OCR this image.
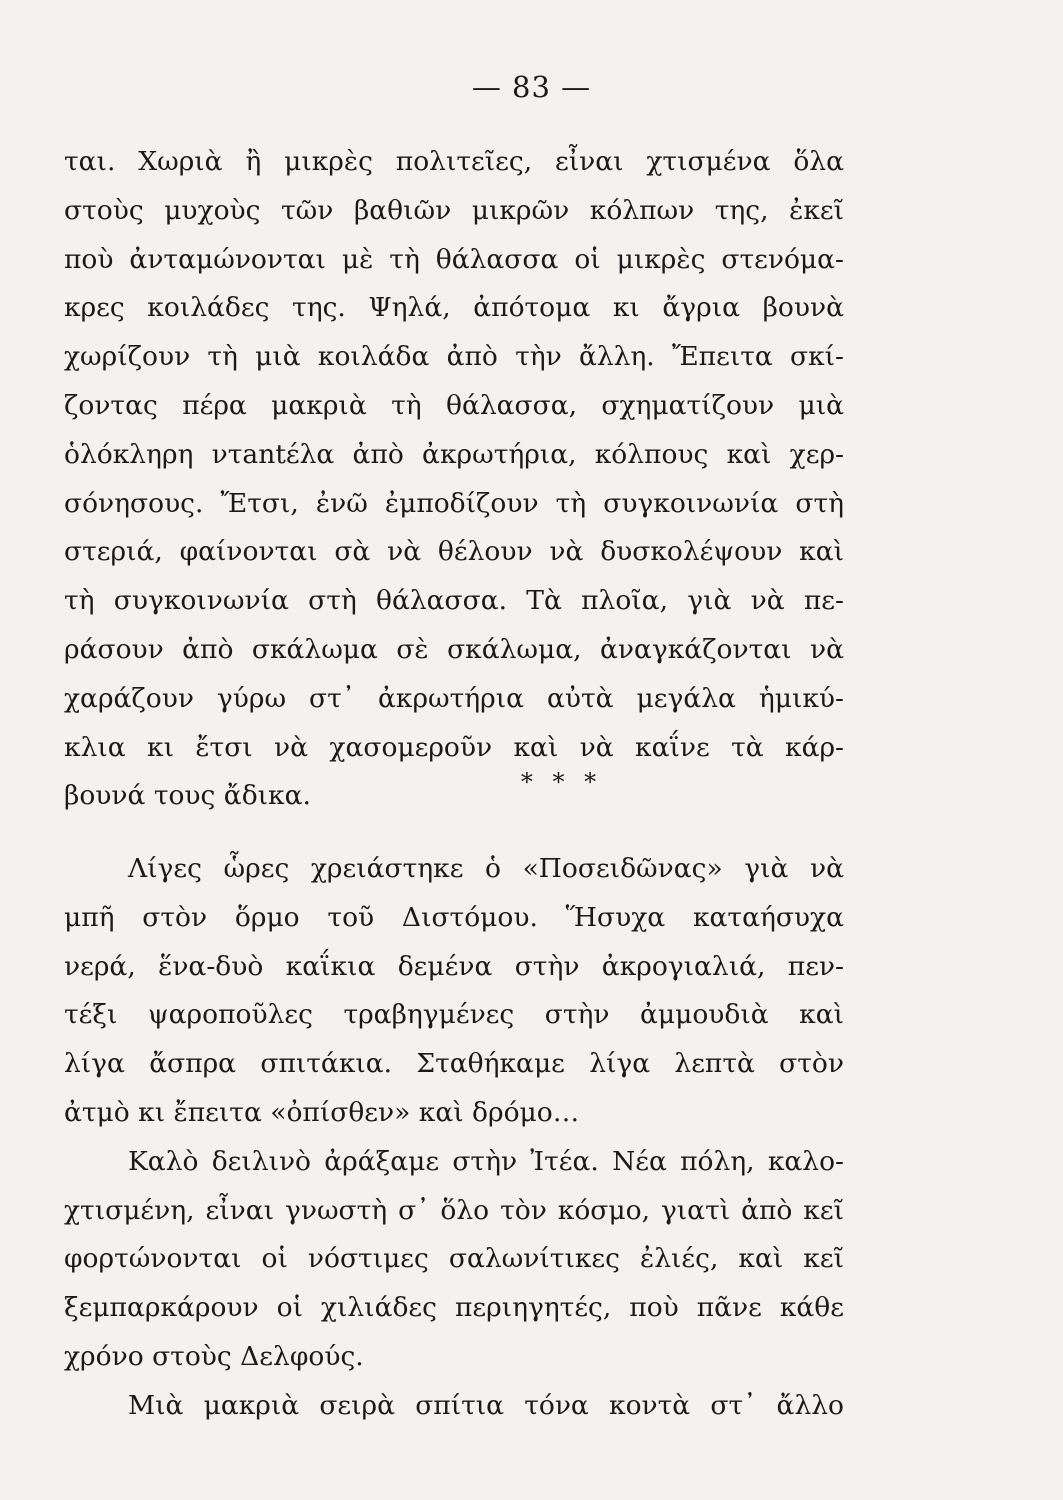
— 83 —
ται. Χωριὰ ἢ μικρὲς πολιτεῖες, εἶναι χτισμένα ὅλα
στοὺς μυχοὺς τῶν βαθιῶν μικρῶν κόλπων της, ἐκεῖ
ποὺ ἀνταμώνονται μὲ τὴ θάλασσα οἱ μικρὲς στενόμα-
κρες κοιλάδες της. Ψηλά, ἀπότομα κι ἄγρια βουνὰ
χωρίζουν τὴ μιὰ κοιλάδα ἀπὸ τὴν ἄλλη. Ἔπειτα σκί-
ζοντας πέρα μακριὰ τὴ θάλασσα, σχηματίζουν μιὰ
ὁλόκληρη ντantέλα ἀπὸ ἀκρωτήρια, κόλπους καὶ χερ-
σόνησους. Ἔτσι, ἐνῶ ἐμποδίζουν τὴ συγκοινωνία στὴ
στεριά, φαίνονται σὰ νὰ θέλουν νὰ δυσκολέψουν καὶ
τὴ συγκοινωνία στὴ θάλασσα. Τὰ πλοῖα, γιὰ νὰ πε-
ράσουν ἀπὸ σκάλωμα σὲ σκάλωμα, ἀναγκάζονται νὰ
χαράζουν γύρω στ᾽ ἀκρωτήρια αὐτὰ μεγάλα ἡμικύ-
κλια κι ἔτσι νὰ χασομεροῦν καὶ νὰ καΐνε τὰ κάρ-
βουνά τους ἄδικα.	* * *
Λίγες ὧρες χρειάστηκε ὁ «Ποσειδῶνας» γιὰ νὰ
μπῆ στὸν ὅρμο τοῦ Διστόμου. Ἥσυχα καταήσυχα
νερά, ἕνα-δυὸ καΐκια δεμένα στὴν ἀκρογιαλιά, πεν-
τέξι ψαροποῦλες τραβηγμένες στὴν ἀμμουδιὰ καὶ
λίγα ἄσπρα σπιτάκια. Σταθήκαμε λίγα λεπτὰ στὸν
ἀτμὸ κι ἔπειτα «ὀπίσθεν» καὶ δρόμο…
Καλὸ δειλινὸ ἀράξαμε στὴν Ἰτέα. Νέα πόλη, καλο-
χτισμένη, εἶναι γνωστὴ σ᾽ ὅλο τὸν κόσμο, γιατὶ ἀπὸ κεῖ
φορτώνονται οἱ νόστιμες σαλωνίτικες ἐλιές, καὶ κεῖ
ξεμπαρκάρουν οἱ χιλιάδες περιηγητές, ποὺ πᾶνε κάθε
χρόνο στοὺς Δελφούς.
Μιὰ μακριὰ σειρὰ σπίτια τόνα κοντὰ στ᾽ ἄλλο
